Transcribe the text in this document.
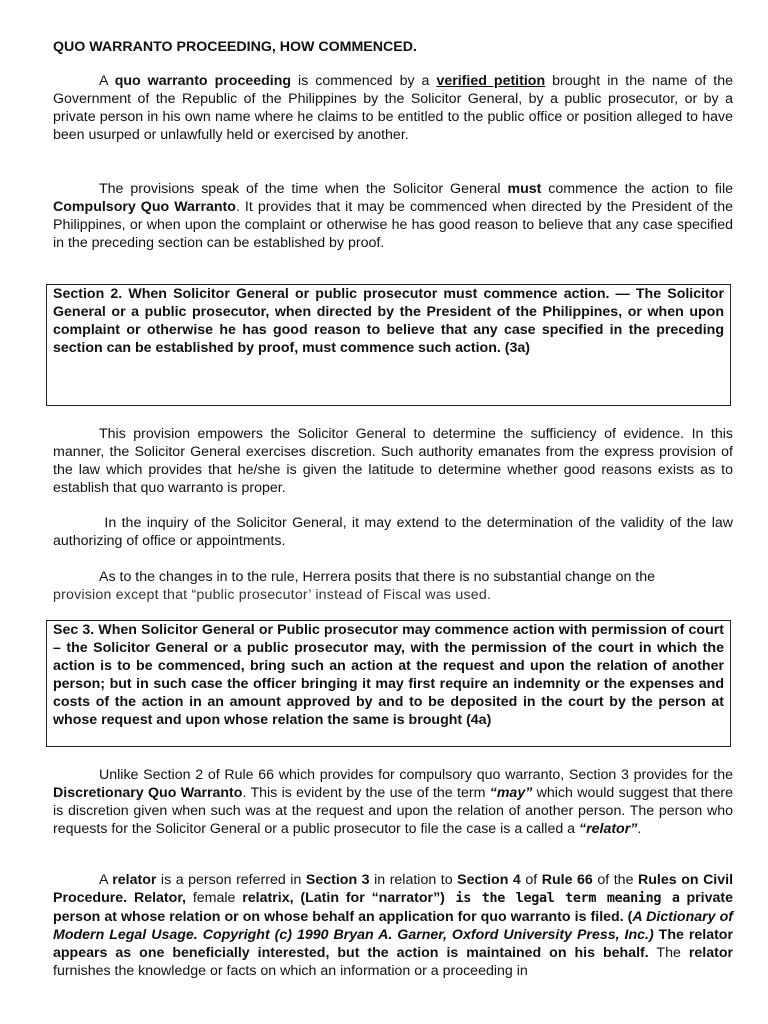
QUO WARRANTO PROCEEDING, HOW COMMENCED.

A quo warranto proceeding is commenced by a verified petition brought in the name of the Government of the Republic of the Philippines by the Solicitor General, by a public prosecutor, or by a private person in his own name where he claims to be entitled to the public office or position alleged to have been usurped or unlawfully held or exercised by another.

The provisions speak of the time when the Solicitor General must commence the action to file Compulsory Quo Warranto. It provides that it may be commenced when directed by the President of the Philippines, or when upon the complaint or otherwise he has good reason to believe that any case specified in the preceding section can be established by proof.

Section 2. When Solicitor General or public prosecutor must commence action. — The Solicitor General or a public prosecutor, when directed by the President of the Philippines, or when upon complaint or otherwise he has good reason to believe that any case specified in the preceding section can be established by proof, must commence such action. (3a)

This provision empowers the Solicitor General to determine the sufficiency of evidence. In this manner, the Solicitor General exercises discretion. Such authority emanates from the express provision of the law which provides that he/she is given the latitude to determine whether good reasons exists as to establish that quo warranto is proper.

In the inquiry of the Solicitor General, it may extend to the determination of the validity of the law authorizing of office or appointments.

As to the changes in to the rule, Herrera posits that there is no substantial change on the
provision except that “public prosecutor’ instead of Fiscal was used.

Sec 3. When Solicitor General or Public prosecutor may commence action with permission of court – the Solicitor General or a public prosecutor may, with the permission of the court in which the action is to be commenced, bring such an action at the request and upon the relation of another person; but in such case the officer bringing it may first require an indemnity or the expenses and costs of the action in an amount approved by and to be deposited in the court by the person at whose request and upon whose relation the same is brought (4a)

Unlike Section 2 of Rule 66 which provides for compulsory quo warranto, Section 3 provides for the Discretionary Quo Warranto. This is evident by the use of the term “may” which would suggest that there is discretion given when such was at the request and upon the relation of another person. The person who requests for the Solicitor General or a public prosecutor to file the case is a called a “relator”.

A relator is a person referred in Section 3 in relation to Section 4 of Rule 66 of the Rules on Civil Procedure. Relator, female relatrix, (Latin for “narrator”) is the legal term meaning a private person at whose relation or on whose behalf an application for quo warranto is filed. (A Dictionary of Modern Legal Usage. Copyright (c) 1990 Bryan A. Garner, Oxford University Press, Inc.) The relator appears as one beneficially interested, but the action is maintained on his behalf. The relator furnishes the knowledge or facts on which an information or a proceeding in
